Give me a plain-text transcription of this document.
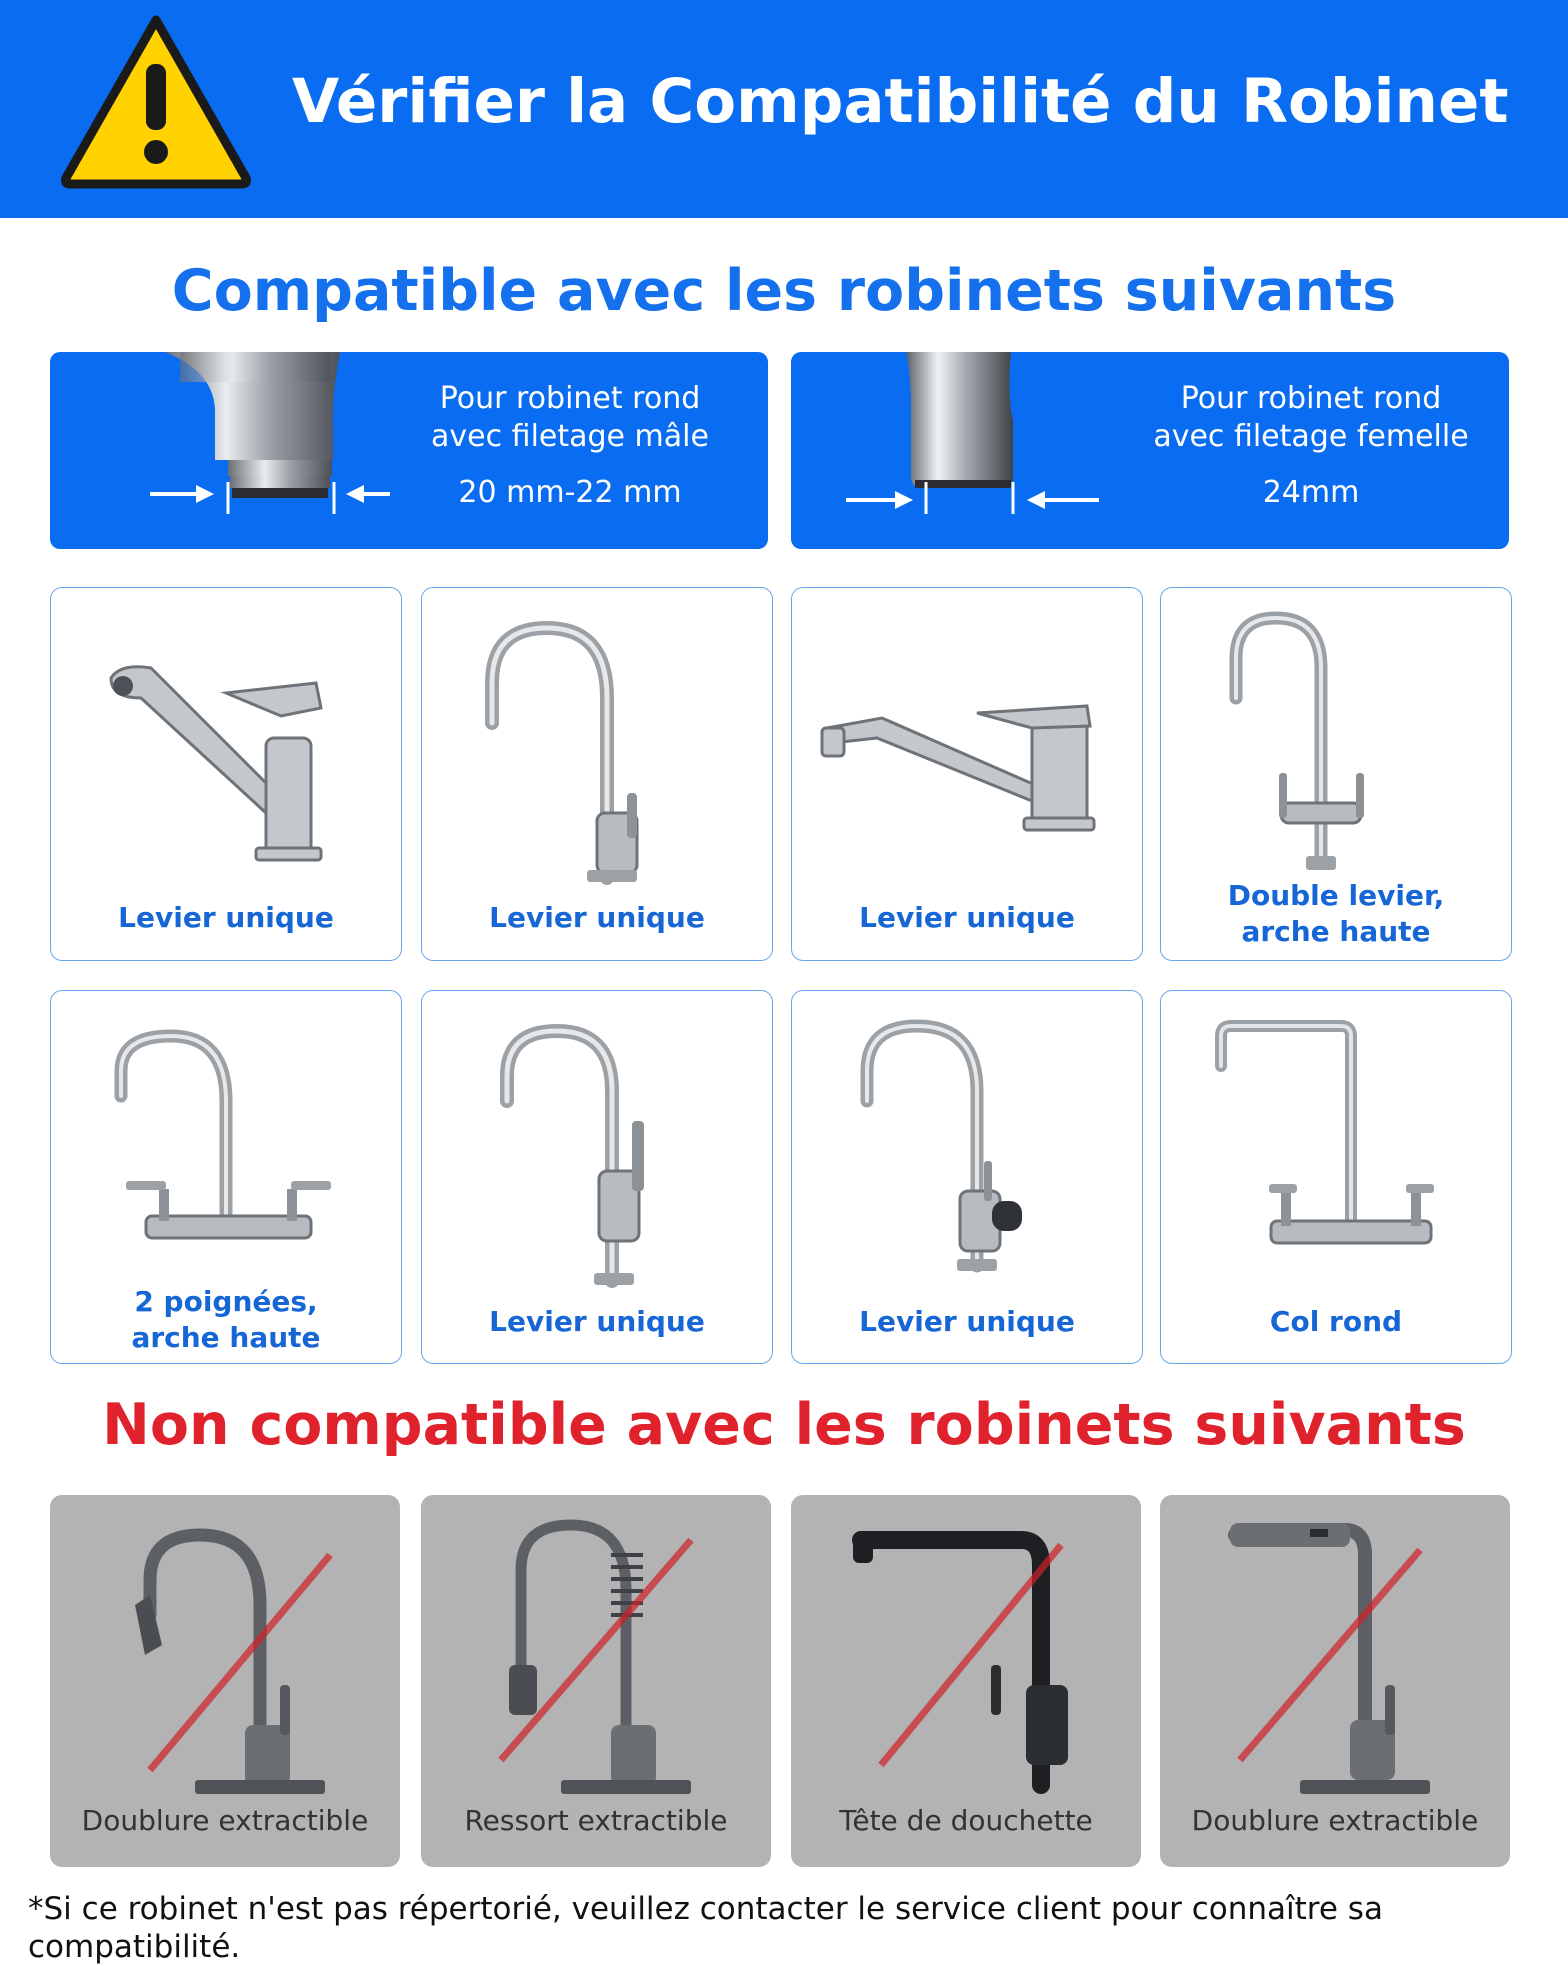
Vérifier la Compatibilité du Robinet
Compatible avec les robinets suivants
Pour robinet rond
avec filetage mâle
20 mm-22 mm
Pour robinet rond
avec filetage femelle
24mm
Levier unique	Levier unique	Levier unique
Double levier,
arche haute
2 poignées,
arche haute	Levier unique	Levier unique	Col rond
Non compatible avec les robinets suivants
Doublure extractible	Ressort extractible	Tête de douchette	Doublure extractible
*Si ce robinet n'est pas répertorié, veuillez contacter le service client pour connaître sa compatibilité.
